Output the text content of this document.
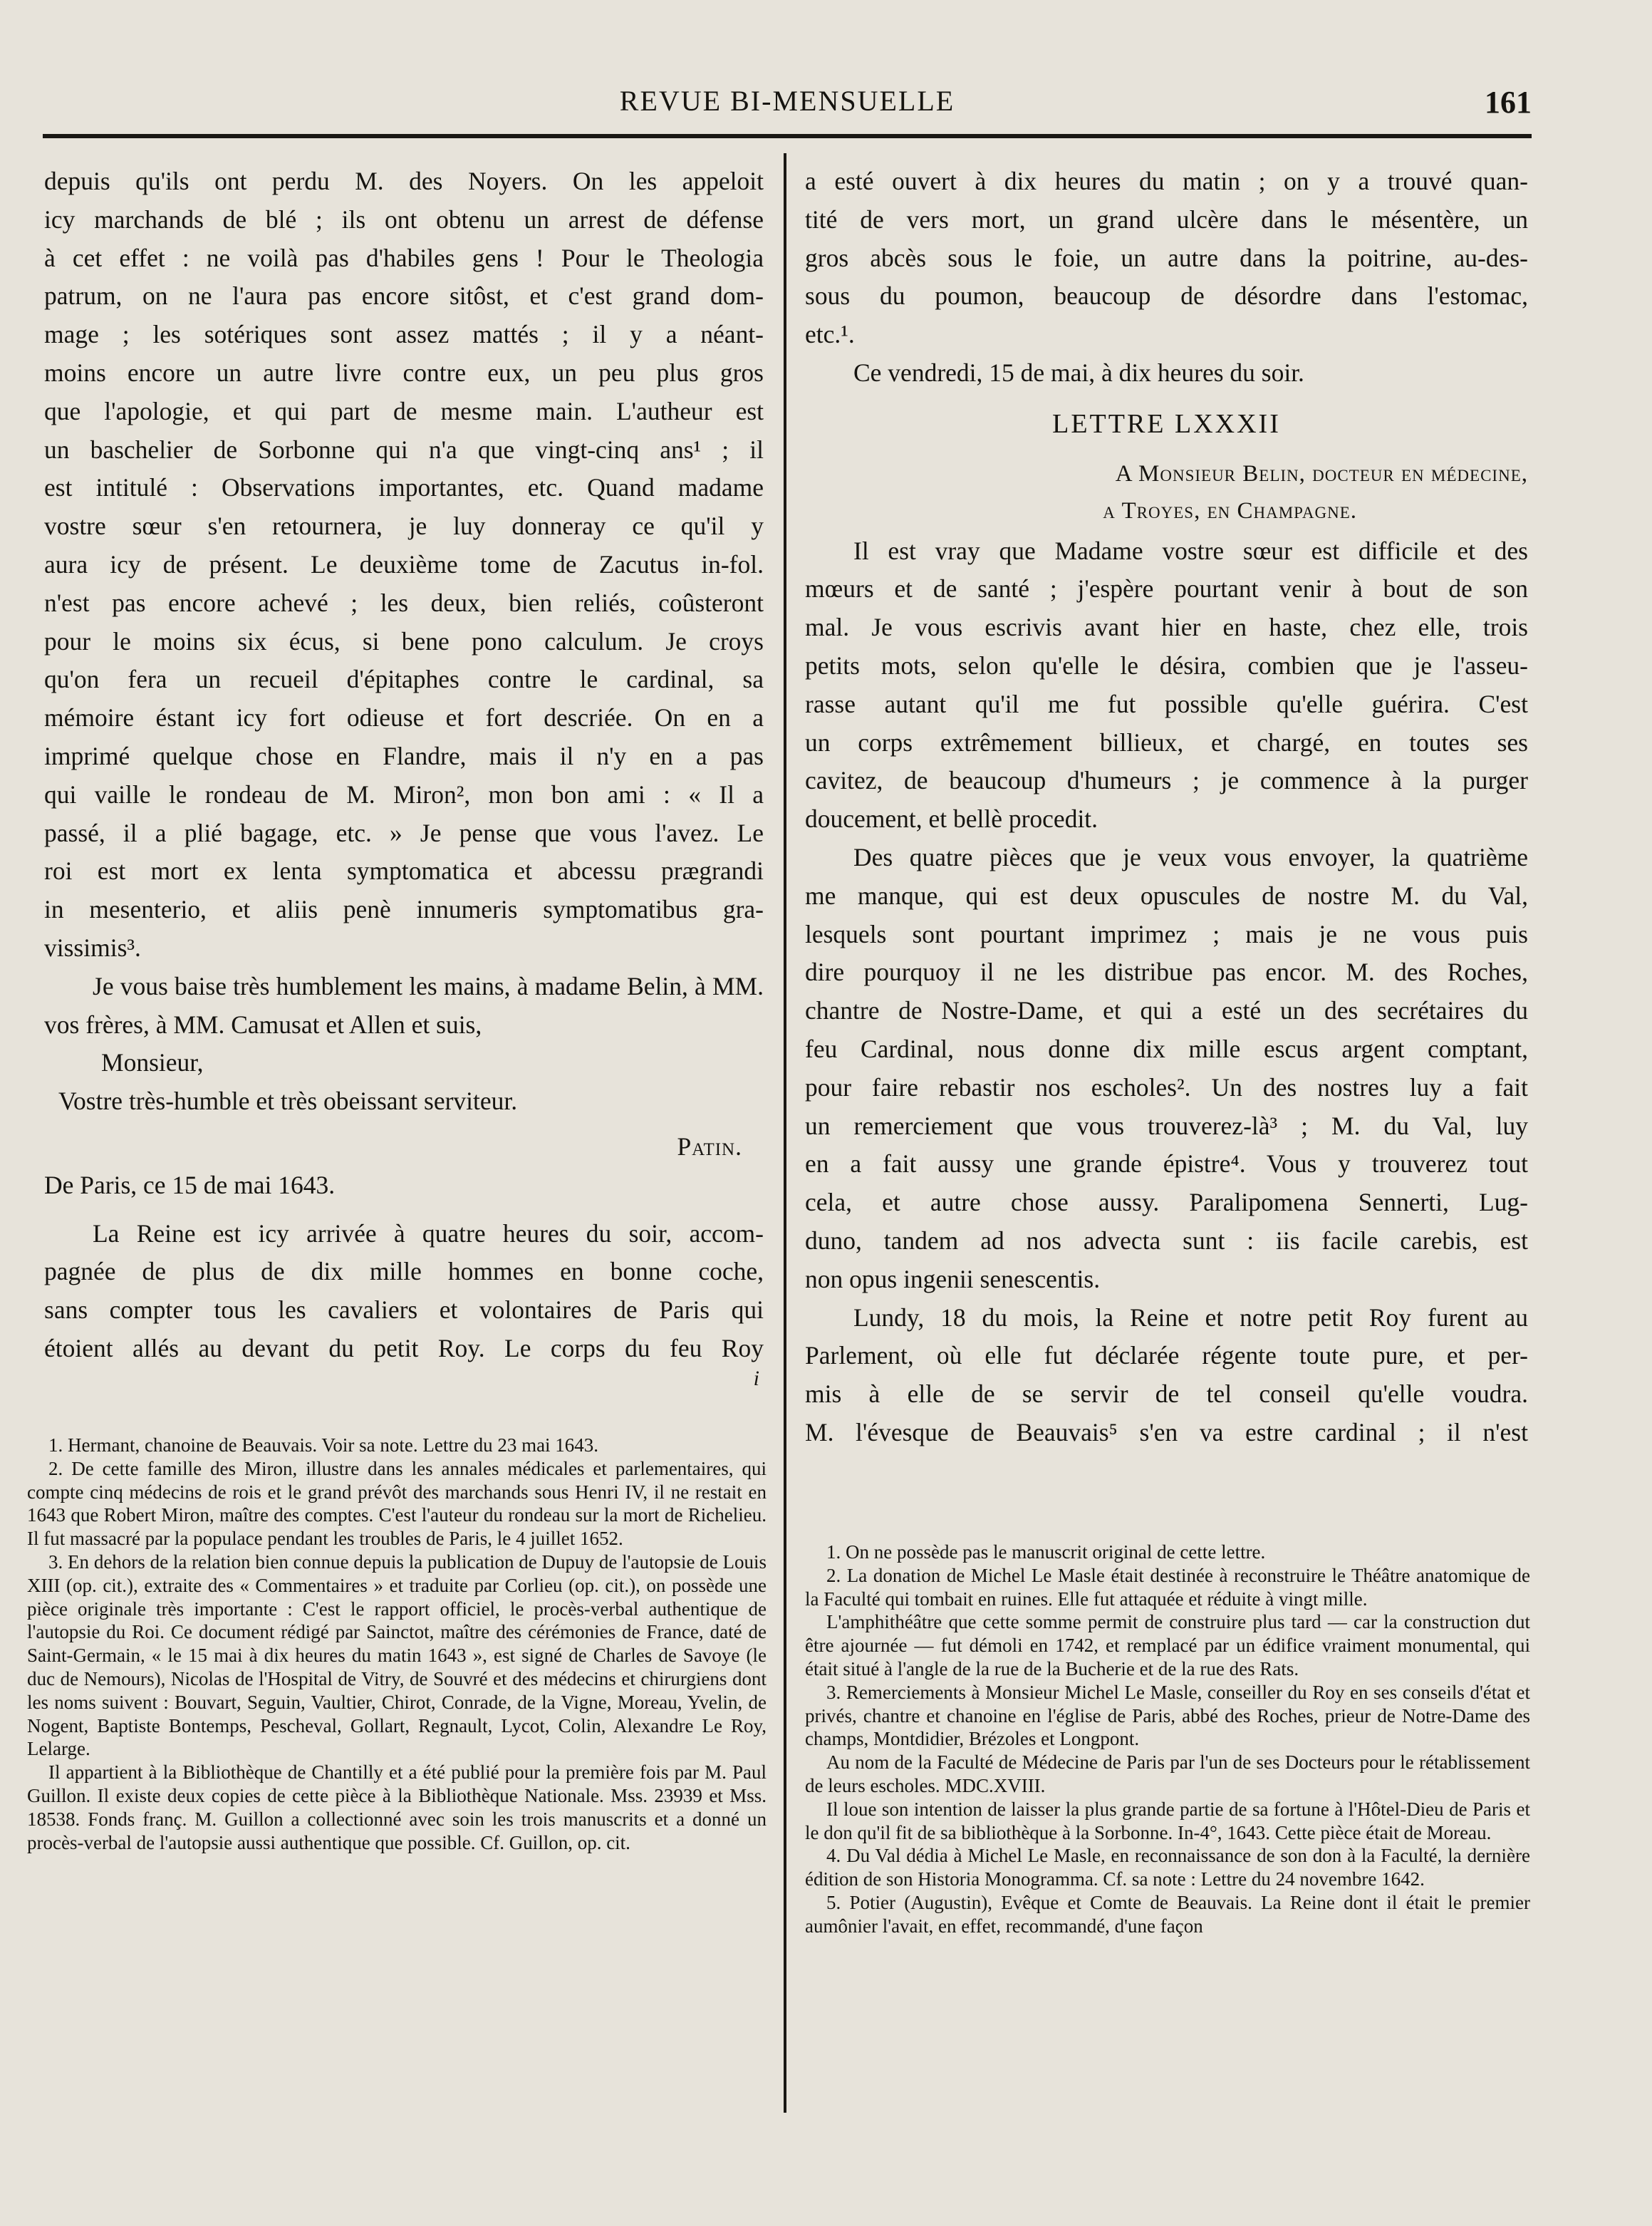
REVUE BI-MENSUELLE	161
depuis qu'ils ont perdu M. des Noyers. On les appeloit
icy marchands de blé ; ils ont obtenu un arrest de défense
à cet effet : ne voilà pas d'habiles gens ! Pour le Theologia
patrum, on ne l'aura pas encore sitôst, et c'est grand dom-
mage ; les sotériques sont assez mattés ; il y a néant-
moins encore un autre livre contre eux, un peu plus gros
que l'apologie, et qui part de mesme main. L'autheur est
un baschelier de Sorbonne qui n'a que vingt-cinq ans¹ ; il
est intitulé : Observations importantes, etc. Quand madame
vostre sœur s'en retournera, je luy donneray ce qu'il y
aura icy de présent. Le deuxième tome de Zacutus in-fol.
n'est pas encore achevé ; les deux, bien reliés, coûsteront
pour le moins six écus, si bene pono calculum. Je croys
qu'on fera un recueil d'épitaphes contre le cardinal, sa
mémoire éstant icy fort odieuse et fort descriée. On en a
imprimé quelque chose en Flandre, mais il n'y en a pas
qui vaille le rondeau de M. Miron², mon bon ami : « Il a
passé, il a plié bagage, etc. » Je pense que vous l'avez. Le
roi est mort ex lenta symptomatica et abcessu prægrandi
in mesenterio, et aliis penè innumeris symptomatibus gra-
vissimis³.

Je vous baise très humblement les mains, à madame Belin, à MM. vos frères, à MM. Camusat et Allen et suis,

Monsieur,

Vostre très-humble et très obeissant serviteur.

Patin.

De Paris, ce 15 de mai 1643.

La Reine est icy arrivée à quatre heures du soir, accom-
pagnée de plus de dix mille hommes en bonne coche,
sans compter tous les cavaliers et volontaires de Paris qui
étoient allés au devant du petit Roy. Le corps du feu Roy

i

1. Hermant, chanoine de Beauvais. Voir sa note. Lettre du 23 mai 1643.

2. De cette famille des Miron, illustre dans les annales médicales et parlementaires, qui compte cinq médecins de rois et le grand prévôt des marchands sous Henri IV, il ne restait en 1643 que Robert Miron, maître des comptes. C'est l'auteur du rondeau sur la mort de Richelieu. Il fut massacré par la populace pendant les troubles de Paris, le 4 juillet 1652.

3. En dehors de la relation bien connue depuis la publication de Dupuy de l'autopsie de Louis XIII (op. cit.), extraite des « Commentaires » et traduite par Corlieu (op. cit.), on possède une pièce originale très importante : C'est le rapport officiel, le procès-verbal authentique de l'autopsie du Roi. Ce document rédigé par Sainctot, maître des cérémonies de France, daté de Saint-Germain, « le 15 mai à dix heures du matin 1643 », est signé de Charles de Savoye (le duc de Nemours), Nicolas de l'Hospital de Vitry, de Souvré et des médecins et chirurgiens dont les noms suivent : Bouvart, Seguin, Vaultier, Chirot, Conrade, de la Vigne, Moreau, Yvelin, de Nogent, Baptiste Bontemps, Pescheval, Gollart, Regnault, Lycot, Colin, Alexandre Le Roy, Lelarge.

Il appartient à la Bibliothèque de Chantilly et a été publié pour la première fois par M. Paul Guillon. Il existe deux copies de cette pièce à la Bibliothèque Nationale. Mss. 23939 et Mss. 18538. Fonds franç. M. Guillon a collectionné avec soin les trois manuscrits et a donné un procès-verbal de l'autopsie aussi authentique que possible. Cf. Guillon, op. cit.

a esté ouvert à dix heures du matin ; on y a trouvé quan-
tité de vers mort, un grand ulcère dans le mésentère, un
gros abcès sous le foie, un autre dans la poitrine, au-des-
sous du poumon, beaucoup de désordre dans l'estomac,
etc.¹.

Ce vendredi, 15 de mai, à dix heures du soir.

LETTRE LXXXII
A Monsieur Belin, docteur en médecine,
a Troyes, en Champagne.
Il est vray que Madame vostre sœur est difficile et des
mœurs et de santé ; j'espère pourtant venir à bout de son
mal. Je vous escrivis avant hier en haste, chez elle, trois
petits mots, selon qu'elle le désira, combien que je l'asseu-
rasse autant qu'il me fut possible qu'elle guérira. C'est
un corps extrêmement billieux, et chargé, en toutes ses
cavitez, de beaucoup d'humeurs ; je commence à la purger
doucement, et bellè procedit.
Des quatre pièces que je veux vous envoyer, la quatrième
me manque, qui est deux opuscules de nostre M. du Val,
lesquels sont pourtant imprimez ; mais je ne vous puis
dire pourquoy il ne les distribue pas encor. M. des Roches,
chantre de Nostre-Dame, et qui a esté un des secrétaires du
feu Cardinal, nous donne dix mille escus argent comptant,
pour faire rebastir nos escholes². Un des nostres luy a fait
un remerciement que vous trouverez-là³ ; M. du Val, luy
en a fait aussy une grande épistre⁴. Vous y trouverez tout
cela, et autre chose aussy. Paralipomena Sennerti, Lug-
duno, tandem ad nos advecta sunt : iis facile carebis, est
non opus ingenii senescentis.
Lundy, 18 du mois, la Reine et notre petit Roy furent au
Parlement, où elle fut déclarée régente toute pure, et per-
mis à elle de se servir de tel conseil qu'elle voudra.
M. l'évesque de Beauvais⁵ s'en va estre cardinal ; il n'est

1. On ne possède pas le manuscrit original de cette lettre.

2. La donation de Michel Le Masle était destinée à reconstruire le Théâtre anatomique de la Faculté qui tombait en ruines. Elle fut attaquée et réduite à vingt mille.

L'amphithéâtre que cette somme permit de construire plus tard — car la construction dut être ajournée — fut démoli en 1742, et remplacé par un édifice vraiment monumental, qui était situé à l'angle de la rue de la Bucherie et de la rue des Rats.

3. Remerciements à Monsieur Michel Le Masle, conseiller du Roy en ses conseils d'état et privés, chantre et chanoine en l'église de Paris, abbé des Roches, prieur de Notre-Dame des champs, Montdidier, Brézoles et Longpont.

Au nom de la Faculté de Médecine de Paris par l'un de ses Docteurs pour le rétablissement de leurs escholes. MDC.XVIII.

Il loue son intention de laisser la plus grande partie de sa fortune à l'Hôtel-Dieu de Paris et le don qu'il fit de sa bibliothèque à la Sorbonne. In-4°, 1643. Cette pièce était de Moreau.

4. Du Val dédia à Michel Le Masle, en reconnaissance de son don à la Faculté, la dernière édition de son Historia Monogramma. Cf. sa note : Lettre du 24 novembre 1642.

5. Potier (Augustin), Evêque et Comte de Beauvais. La Reine dont il était le premier aumônier l'avait, en effet, recommandé, d'une façon
